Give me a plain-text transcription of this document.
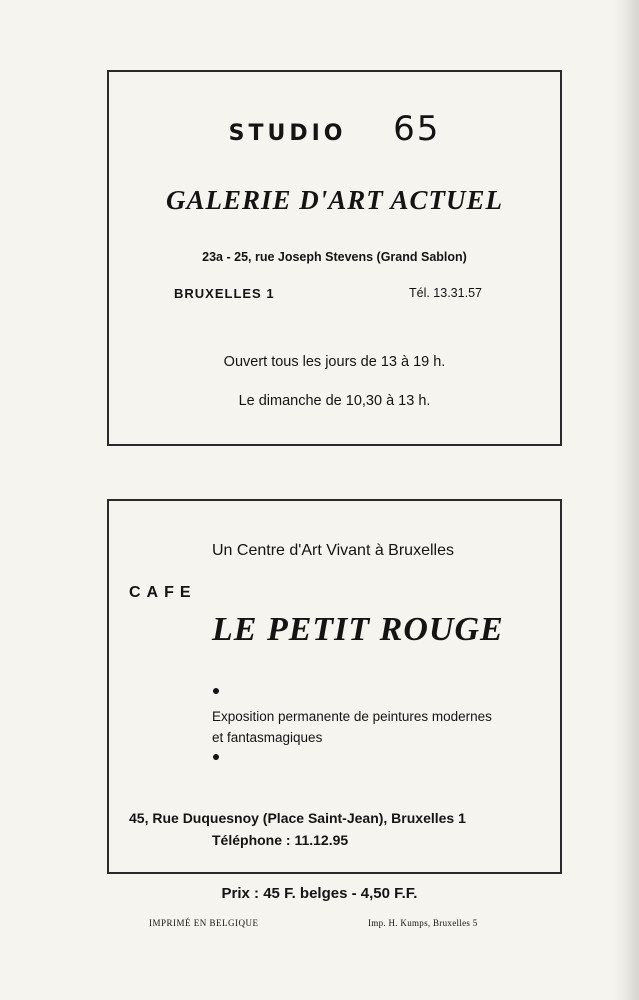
STUDIO 65
GALERIE D'ART ACTUEL
23a - 25, rue Joseph Stevens (Grand Sablon)
BRUXELLES 1	Tél. 13.31.57
Ouvert tous les jours de 13 à 19 h.
Le dimanche de 10,30 à 13 h.
Un Centre d'Art Vivant à Bruxelles
CAFE
LE PETIT ROUGE
Exposition permanente de peintures modernes
et fantasmagiques
45, Rue Duquesnoy (Place Saint-Jean), Bruxelles 1
Téléphone : 11.12.95
Prix : 45 F. belges - 4,50 F.F.
IMPRIMÉ EN BELGIQUE	Imp. H. Kumps, Bruxelles 5
